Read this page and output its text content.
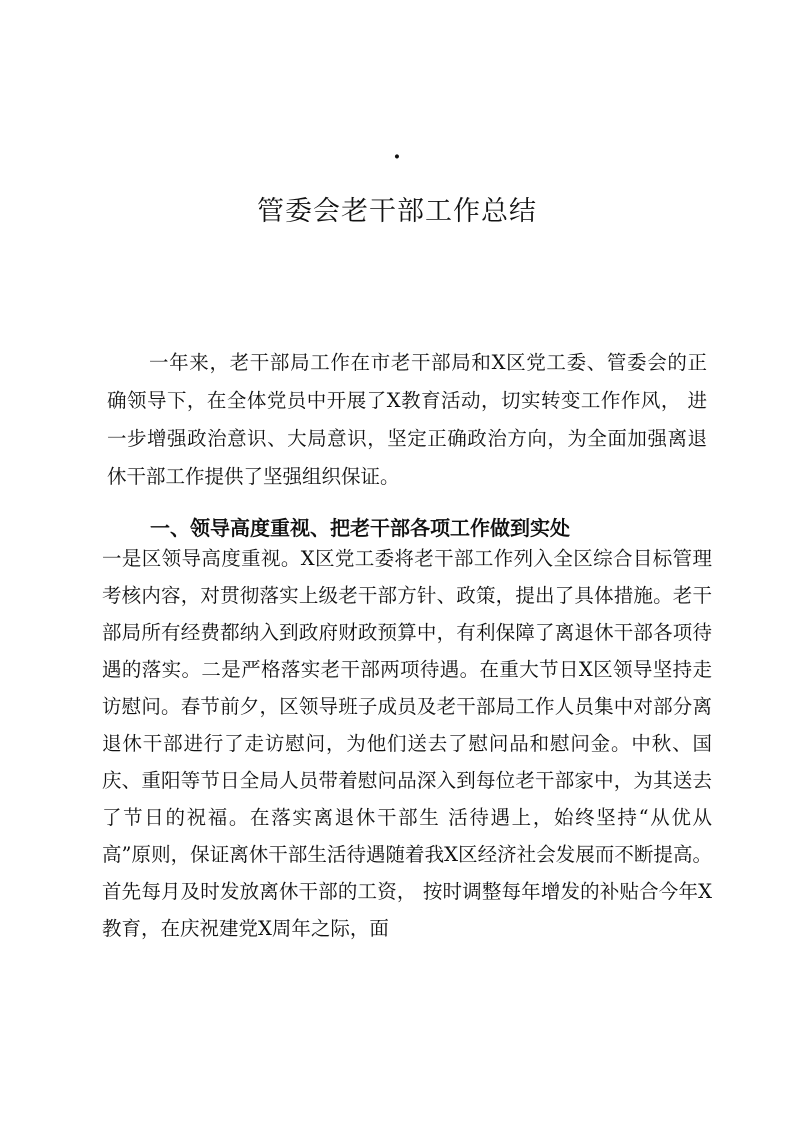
·
管委会老干部工作总结
一年来，老干部局工作在市老干部局和X区党工委、管委会的正确领导下，在全体党员中开展了X教育活动，切实转变工作作风， 进一步增强政治意识、大局意识，坚定正确政治方向，为全面加强离退休干部工作提供了坚强组织保证。
一、领导高度重视、把老干部各项工作做到实处
一是区领导高度重视。X区党工委将老干部工作列入全区综合目标管理考核内容，对贯彻落实上级老干部方针、政策，提出了具体措施。老干部局所有经费都纳入到政府财政预算中，有利保障了离退休干部各项待遇的落实。二是严格落实老干部两项待遇。在重大节日X区领导坚持走访慰问。春节前夕，区领导班子成员及老干部局工作人员集中对部分离退休干部进行了走访慰问，为他们送去了慰问品和慰问金。中秋、国庆、重阳等节日全局人员带着慰问品深入到每位老干部家中，为其送去了节日的祝福。在落实离退休干部生 活待遇上，始终坚持“从优从高”原则，保证离休干部生活待遇随着我X区经济社会发展而不断提高。首先每月及时发放离休干部的工资， 按时调整每年增发的补贴合今年X教育，在庆祝建党X周年之际，面
